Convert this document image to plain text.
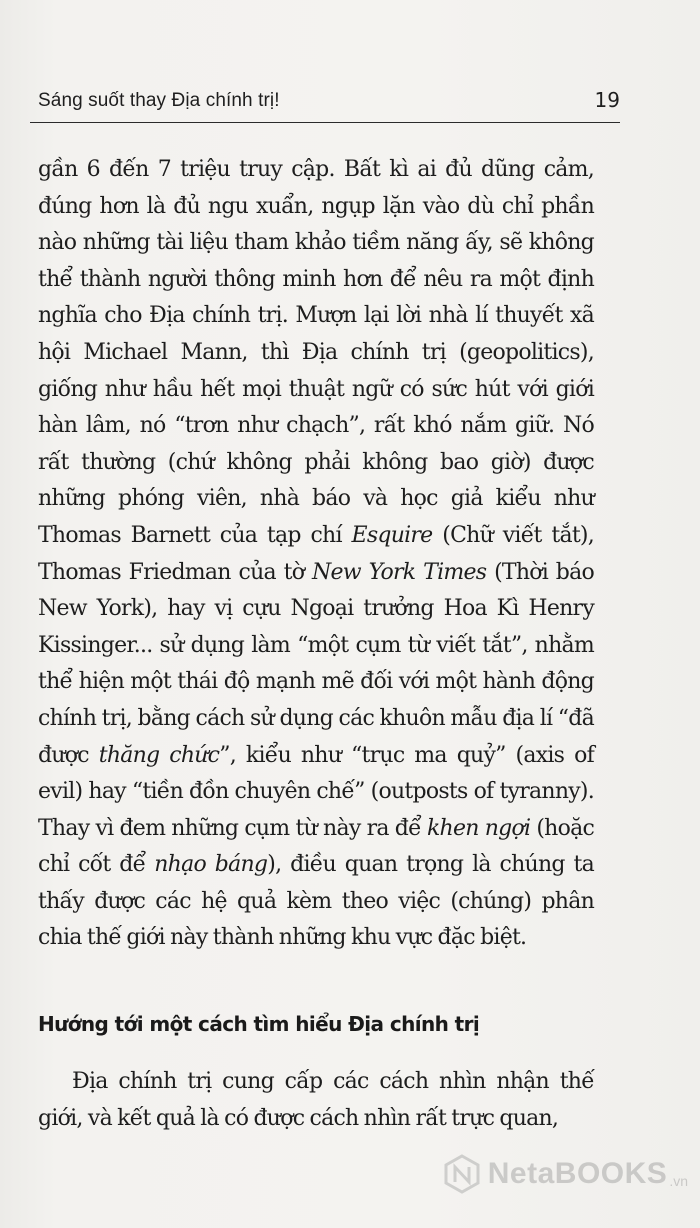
Sáng suốt thay Địa chính trị!	19

gần 6 đến 7 triệu truy cập. Bất kì ai đủ dũng cảm, đúng hơn là đủ ngu xuẩn, ngụp lặn vào dù chỉ phần nào những tài liệu tham khảo tiềm năng ấy, sẽ không thể thành người thông minh hơn để nêu ra một định nghĩa cho Địa chính trị. Mượn lại lời nhà lí thuyết xã hội Michael Mann, thì Địa chính trị (geopolitics), giống như hầu hết mọi thuật ngữ có sức hút với giới hàn lâm, nó “trơn như chạch”, rất khó nắm giữ. Nó rất thường (chứ không phải không bao giờ) được những phóng viên, nhà báo và học giả kiểu như Thomas Barnett của tạp chí Esquire (Chữ viết tắt), Thomas Friedman của tờ New York Times (Thời báo New York), hay vị cựu Ngoại trưởng Hoa Kì Henry Kissinger... sử dụng làm “một cụm từ viết tắt”, nhằm thể hiện một thái độ mạnh mẽ đối với một hành động chính trị, bằng cách sử dụng các khuôn mẫu địa lí “đã được thăng chức”, kiểu như “trục ma quỷ” (axis of evil) hay “tiền đồn chuyên chế” (outposts of tyranny). Thay vì đem những cụm từ này ra để khen ngợi (hoặc chỉ cốt để nhạo báng), điều quan trọng là chúng ta thấy được các hệ quả kèm theo việc (chúng) phân chia thế giới này thành những khu vực đặc biệt.

Hướng tới một cách tìm hiểu Địa chính trị

Địa chính trị cung cấp các cách nhìn nhận thế giới, và kết quả là có được cách nhìn rất trực quan,

NetaBOOKS .vn
